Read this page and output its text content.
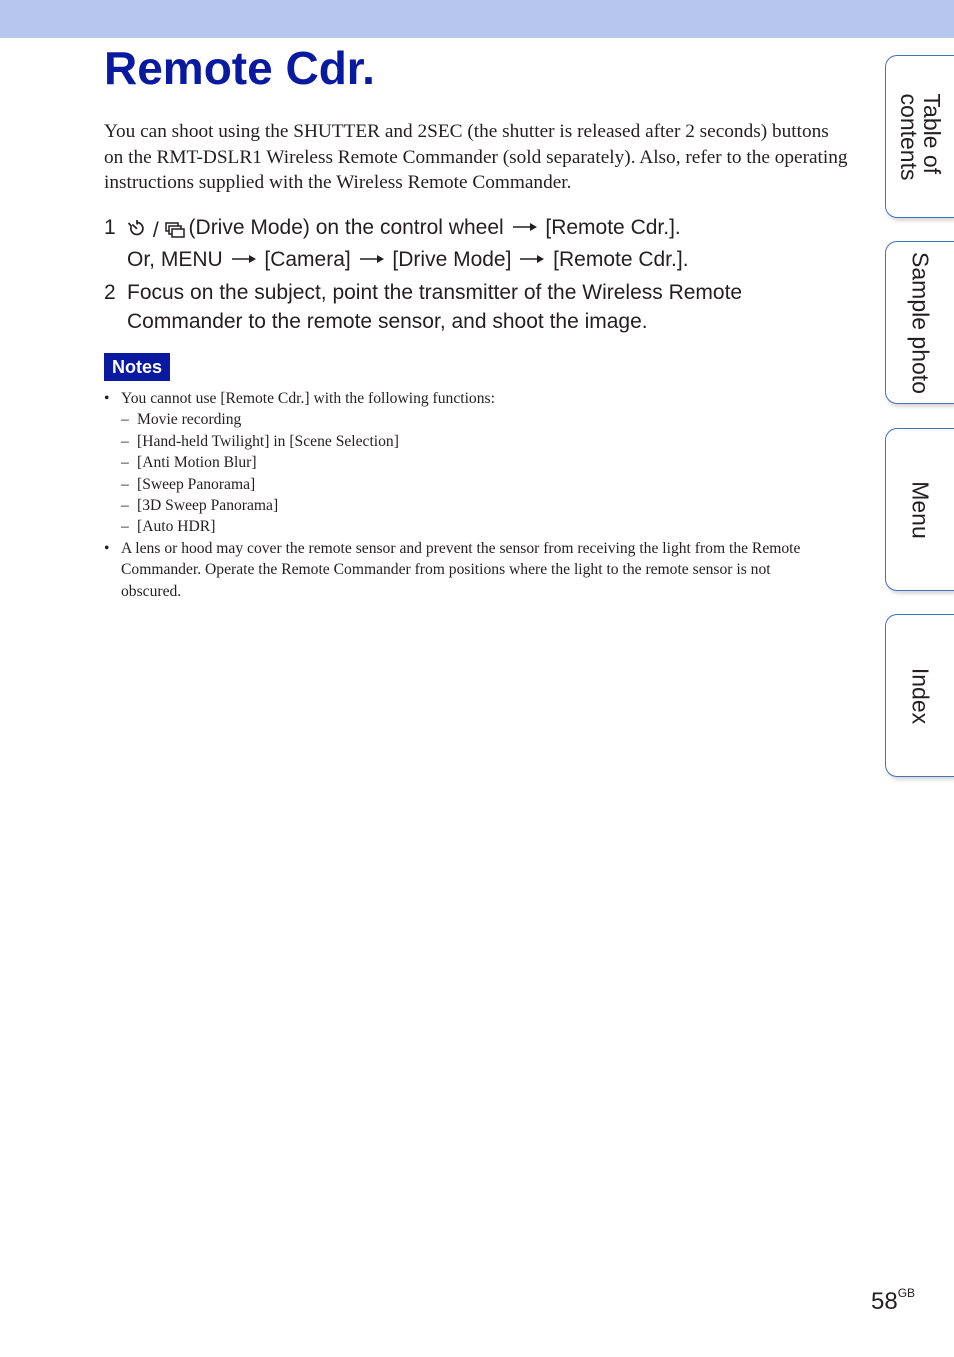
Remote Cdr.

You can shoot using the SHUTTER and 2SEC (the shutter is released after 2 seconds) buttons on the RMT-DSLR1 Wireless Remote Commander (sold separately). Also, refer to the operating instructions supplied with the Wireless Remote Commander.

1	/ (Drive Mode) on the control wheel [Remote Cdr.].
Or, MENU [Camera] [Drive Mode] [Remote Cdr.].
2 Focus on the subject, point the transmitter of the Wireless Remote Commander to the remote sensor, and shoot the image.
Notes
• You cannot use [Remote Cdr.] with the following functions:
– Movie recording
– [Hand-held Twilight] in [Scene Selection]
– [Anti Motion Blur]
– [Sweep Panorama]
– [3D Sweep Panorama]
– [Auto HDR]
• A lens or hood may cover the remote sensor and prevent the sensor from receiving the light from the Remote Commander. Operate the Remote Commander from positions where the light to the remote sensor is not obscured.
Table of
contents
Sample photo
Menu
Index
$58^{GB}$
